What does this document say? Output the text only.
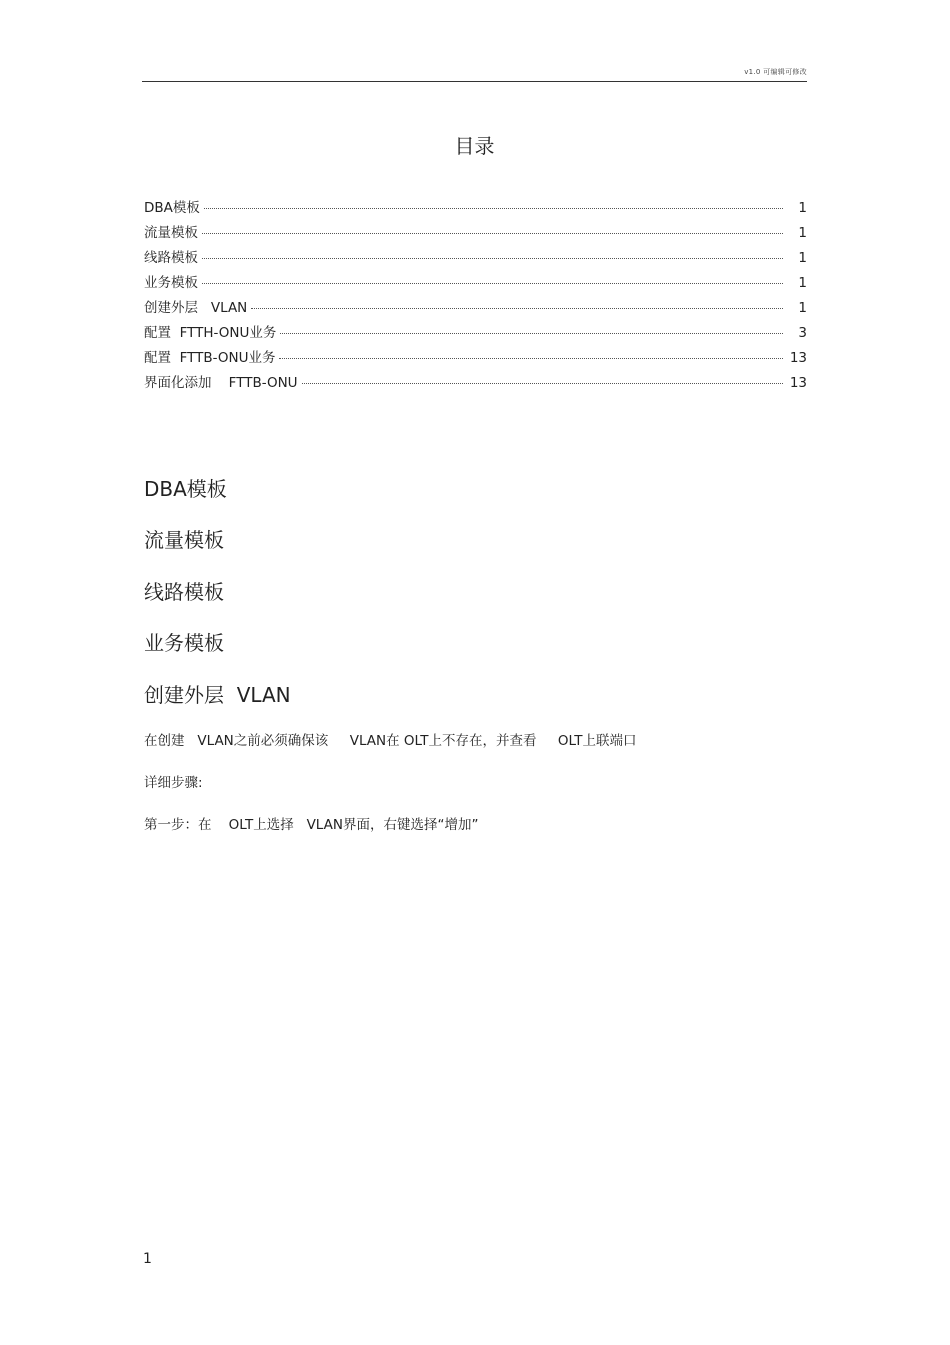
v1.0 可编辑可修改
目录
DBA模板	1
流量模板	1
线路模板	1
业务模板	1
创建外层   VLAN	1
配置  FTTH-ONU业务	3
配置  FTTB-ONU业务	13
界面化添加    FTTB-ONU	13
DBA模板
流量模板
线路模板
业务模板
创建外层  VLAN
在创建   VLAN之前必须确保该     VLAN在 OLT上不存在，并查看     OLT上联端口
详细步骤:
第一步：在    OLT上选择   VLAN界面，右键选择“增加”
1
